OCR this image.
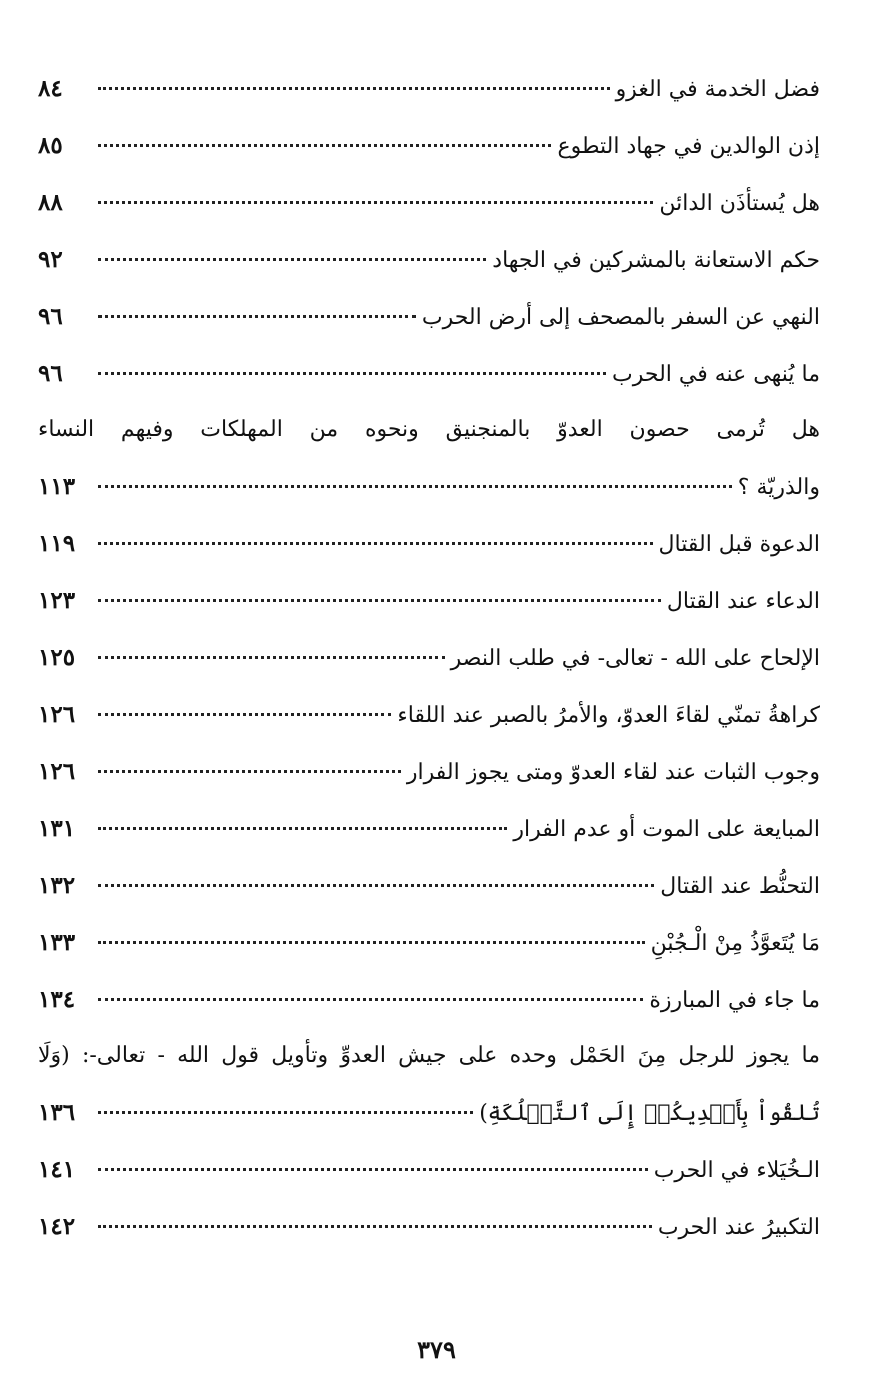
فضل الخدمة في الغزو
٨٤
إذن الوالدين في جهاد التطوع
٨٥
هل يُستأذَن الدائن
٨٨
حكم الاستعانة بالمشركين في الجهاد
٩٢
النهي عن السفر بالمصحف إلى أرض الحرب
٩٦
ما يُنهى عنه في الحرب
٩٦
هل تُرمى حصون العدوّ بالمنجنيق ونحوه من المهلكات وفيهم النساء
والذريّة ؟
١١٣
الدعوة قبل القتال
١١٩
الدعاء عند القتال
١٢٣
الإلحاح على الله - تعالى- في طلب النصر
١٢٥
كراهةُ تمنّي لقاءَ العدوّ، والأمرُ بالصبر عند اللقاء
١٢٦
وجوب الثبات عند لقاء العدوّ ومتى يجوز الفرار
١٢٦
المبايعة على الموت أو عدم الفرار
١٣١
التحنُّط عند القتال
١٣٢
مَا يُتَعوَّذُ مِنْ الْـجُبْنِ
١٣٣
ما جاء في المبارزة
١٣٤
ما يجوز للرجل مِنَ الحَمْل وحده على جيش العدوِّ وتأويل قول الله - تعالى-: (وَلَا
تُلقُواْ بِأَيۡدِيكُمۡ إِلَى ٱلتَّهۡلُكَةِ)
١٣٦
الـخُيَلاء في الحرب
١٤١
التكبيرُ عند الحرب
١٤٢
٣٧٩
